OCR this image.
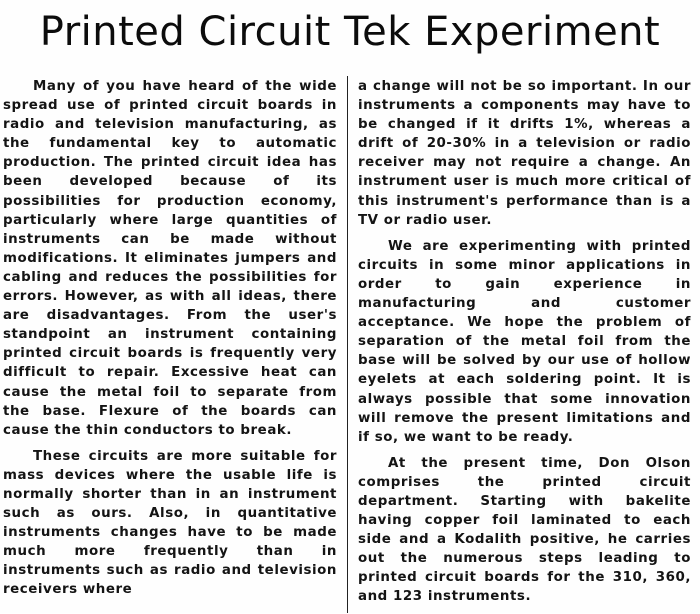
Printed Circuit Tek Experiment

Many of you have heard of the wide spread use of printed circuit boards in radio and television manufacturing, as the fundamental key to automatic production. The printed circuit idea has been developed because of its possibilities for production economy, particularly where large quantities of instruments can be made without modifications. It eliminates jumpers and cabling and reduces the possibilities for errors. However, as with all ideas, there are disadvantages. From the user's standpoint an instrument containing printed circuit boards is frequently very difficult to repair. Excessive heat can cause the metal foil to separate from the base. Flexure of the boards can cause the thin conductors to break.

These circuits are more suitable for mass devices where the usable life is normally shorter than in an instrument such as ours. Also, in quantitative instruments changes have to be made much more frequently than in instruments such as radio and television receivers where

a change will not be so important. In our instruments a components may have to be changed if it drifts 1%, whereas a drift of 20-30% in a television or radio receiver may not require a change. An instrument user is much more critical of this instrument's performance than is a TV or radio user.

We are experimenting with printed circuits in some minor applications in order to gain experience in manufacturing and customer acceptance. We hope the problem of separation of the metal foil from the base will be solved by our use of hollow eyelets at each soldering point. It is always possible that some innovation will remove the present limitations and if so, we want to be ready.

At the present time, Don Olson comprises the printed circuit department. Starting with bakelite having copper foil laminated to each side and a Kodalith positive, he carries out the numerous steps leading to printed circuit boards for the 310, 360, and 123 instruments.
